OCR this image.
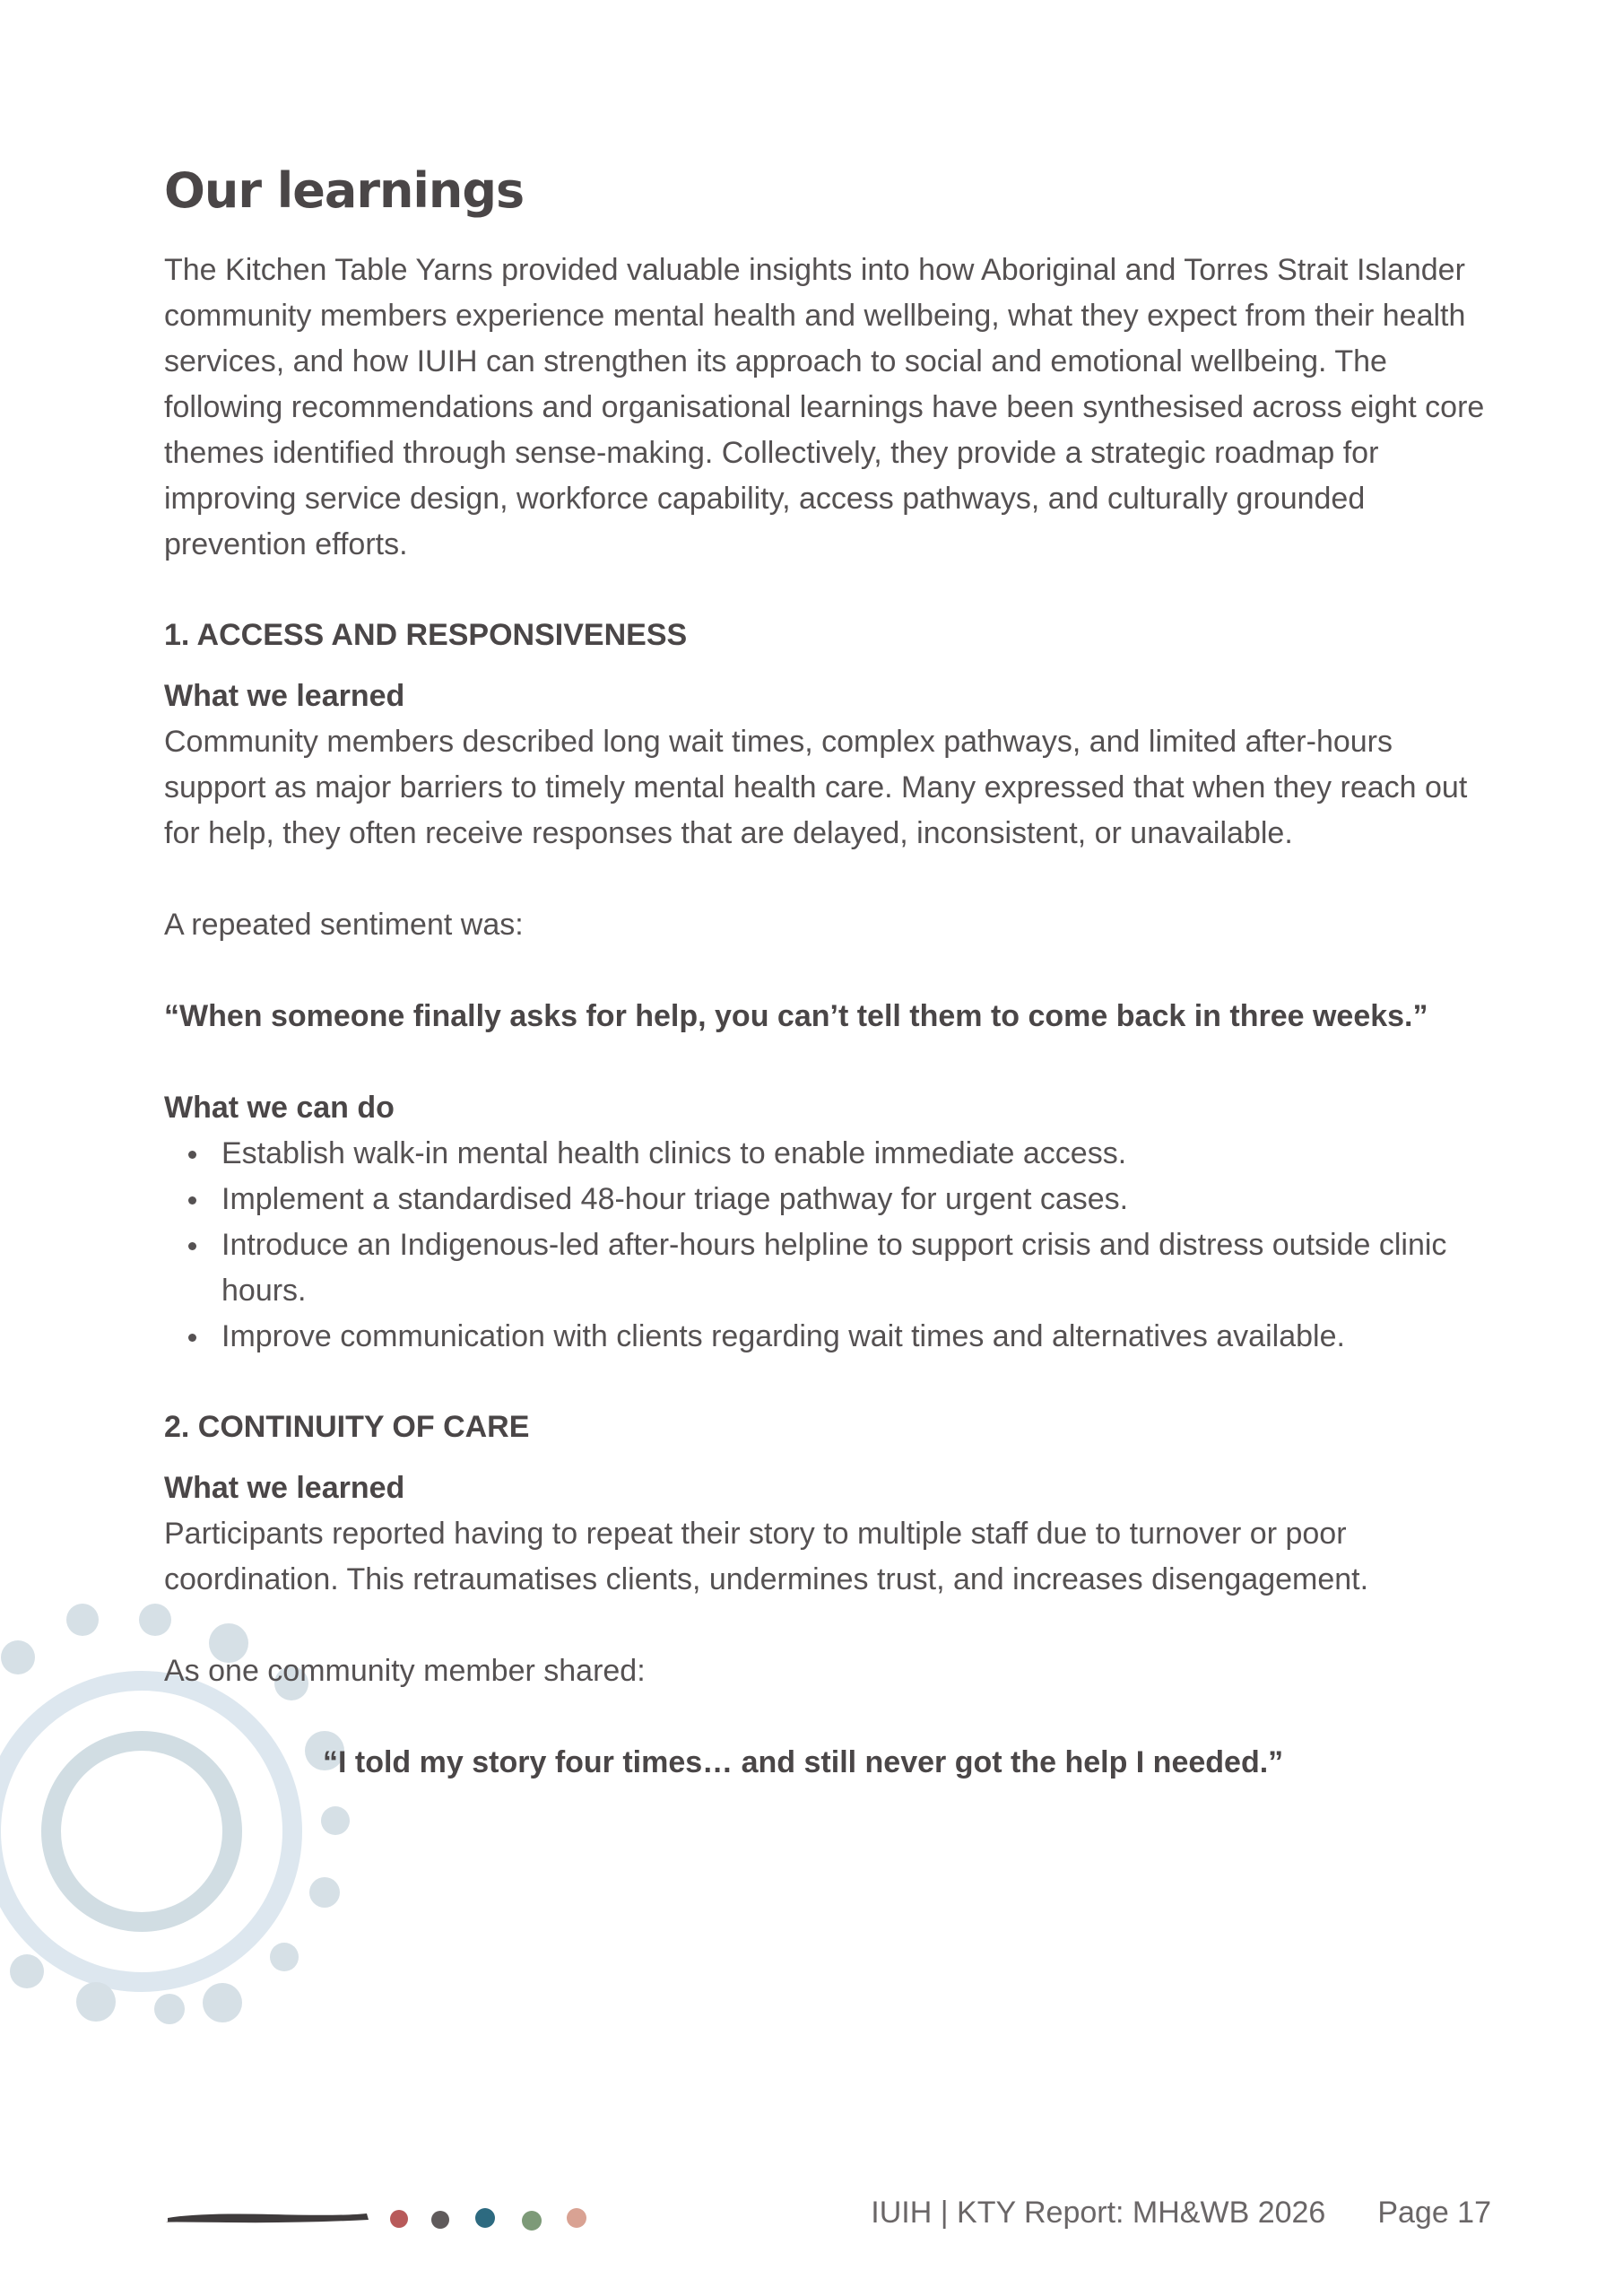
Our learnings

The Kitchen Table Yarns provided valuable insights into how Aboriginal and Torres Strait Islander community members experience mental health and wellbeing, what they expect from their health services, and how IUIH can strengthen its approach to social and emotional wellbeing. The following recommendations and organisational learnings have been synthesised across eight core themes identified through sense-making. Collectively, they provide a strategic roadmap for improving service design, workforce capability, access pathways, and culturally grounded prevention efforts.

1. ACCESS AND RESPONSIVENESS
What we learned

Community members described long wait times, complex pathways, and limited after-hours support as major barriers to timely mental health care. Many expressed that when they reach out for help, they often receive responses that are delayed, inconsistent, or unavailable.

A repeated sentiment was:

“When someone finally asks for help, you can’t tell them to come back in three weeks.”

What we can do
Establish walk-in mental health clinics to enable immediate access.
Implement a standardised 48-hour triage pathway for urgent cases.
Introduce an Indigenous-led after-hours helpline to support crisis and distress outside clinic hours.
Improve communication with clients regarding wait times and alternatives available.
2. CONTINUITY OF CARE
What we learned

Participants reported having to repeat their story to multiple staff due to turnover or poor coordination. This retraumatises clients, undermines trust, and increases disengagement.

As one community member shared:

“I told my story four times… and still never got the help I needed.”

IUIH | KTY Report: MH&WB 2026 Page 17
